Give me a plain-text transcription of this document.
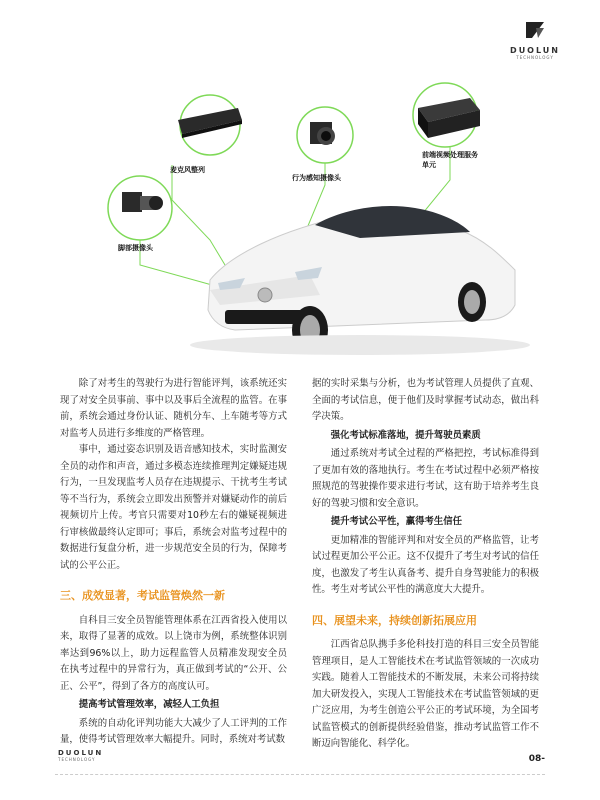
DUOLUN
TECHNOLOGY
麦克风整列
行为感知摄像头
前端视频处理服务单元
脚部摄像头

除了对考生的驾驶行为进行智能评判，该系统还实现了对安全员事前、事中以及事后全流程的监管。在事前，系统会通过身份认证、随机分车、上车随考等方式对监考人员进行多维度的严格管理。

事中，通过姿态识别及语音感知技术，实时监测安全员的动作和声音，通过多模态连续推理判定嫌疑违规行为，一旦发现监考人员存在违规提示、干扰考生考试等不当行为，系统会立即发出预警并对嫌疑动作的前后视频切片上传。考官只需要对10秒左右的嫌疑视频进行审核做最终认定即可；事后，系统会对监考过程中的数据进行复盘分析，进一步规范安全员的行为，保障考试的公平公正。

三、成效显著，考试监管焕然一新

自科目三安全员智能管理体系在江西省投入使用以来，取得了显著的成效。以上饶市为例，系统整体识别率达到96%以上，助力远程监管人员精准发现安全员在执考过程中的异常行为，真正做到考试的“公开、公正、公平”，得到了各方的高度认可。

提高考试管理效率，减轻人工负担

系统的自动化评判功能大大减少了人工评判的工作量，使得考试管理效率大幅提升。同时，系统对考试数

据的实时采集与分析，也为考试管理人员提供了直观、全面的考试信息，便于他们及时掌握考试动态，做出科学决策。

强化考试标准落地，提升驾驶员素质

通过系统对考试全过程的严格把控，考试标准得到了更加有效的落地执行。考生在考试过程中必须严格按照规范的驾驶操作要求进行考试，这有助于培养考生良好的驾驶习惯和安全意识。

提升考试公平性，赢得考生信任

更加精准的智能评判和对安全员的严格监管，让考试过程更加公平公正。这不仅提升了考生对考试的信任度，也激发了考生认真备考、提升自身驾驶能力的积极性。考生对考试公平性的满意度大大提升。

四、展望未来，持续创新拓展应用

江西省总队携手多伦科技打造的科目三安全员智能管理项目，是人工智能技术在考试监管领域的一次成功实践。随着人工智能技术的不断发展，未来公司将持续加大研发投入，实现人工智能技术在考试监管领域的更广泛应用，为考生创造公平公正的考试环境，为全国考试监管模式的创新提供经验借鉴，推动考试监管工作不断迈向智能化、科学化。

DUOLUN
TECHNOLOGY	08-
